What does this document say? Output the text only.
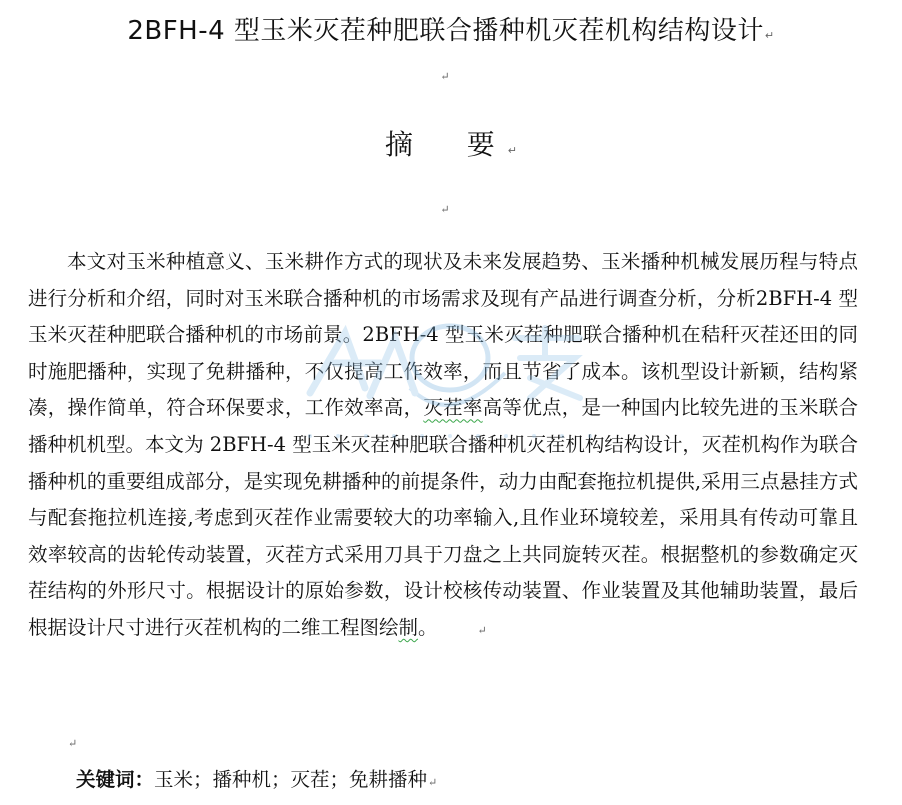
2BFH-4 型玉米灭茬种肥联合播种机灭茬机构结构设计↵
↵
摘  要↵
↵
本文对玉米种植意义、玉米耕作方式的现状及未来发展趋势、玉米播种机械发展历程与特点进行分析和介绍，同时对玉米联合播种机的市场需求及现有产品进行调查分析，分析2BFH-4 型玉米灭茬种肥联合播种机的市场前景。2BFH-4 型玉米灭茬种肥联合播种机在秸秆灭茬还田的同时施肥播种，实现了免耕播种，不仅提高工作效率，而且节省了成本。该机型设计新颖，结构紧凑，操作简单，符合环保要求，工作效率高，灭茬率高等优点，是一种国内比较先进的玉米联合播种机机型。本文为 2BFH-4 型玉米灭茬种肥联合播种机灭茬机构结构设计，灭茬机构作为联合播种机的重要组成部分，是实现免耕播种的前提条件，动力由配套拖拉机提供,采用三点悬挂方式与配套拖拉机连接,考虑到灭茬作业需要较大的功率输入,且作业环境较差，采用具有传动可靠且效率较高的齿轮传动装置，灭茬方式采用刀具于刀盘之上共同旋转灭茬。根据整机的参数确定灭茬结构的外形尺寸。根据设计的原始参数，设计校核传动装置、作业装置及其他辅助装置，最后根据设计尺寸进行灭茬机构的二维工程图绘制。	↵
↵
关键词：玉米；播种机；灭茬；免耕播种↵
